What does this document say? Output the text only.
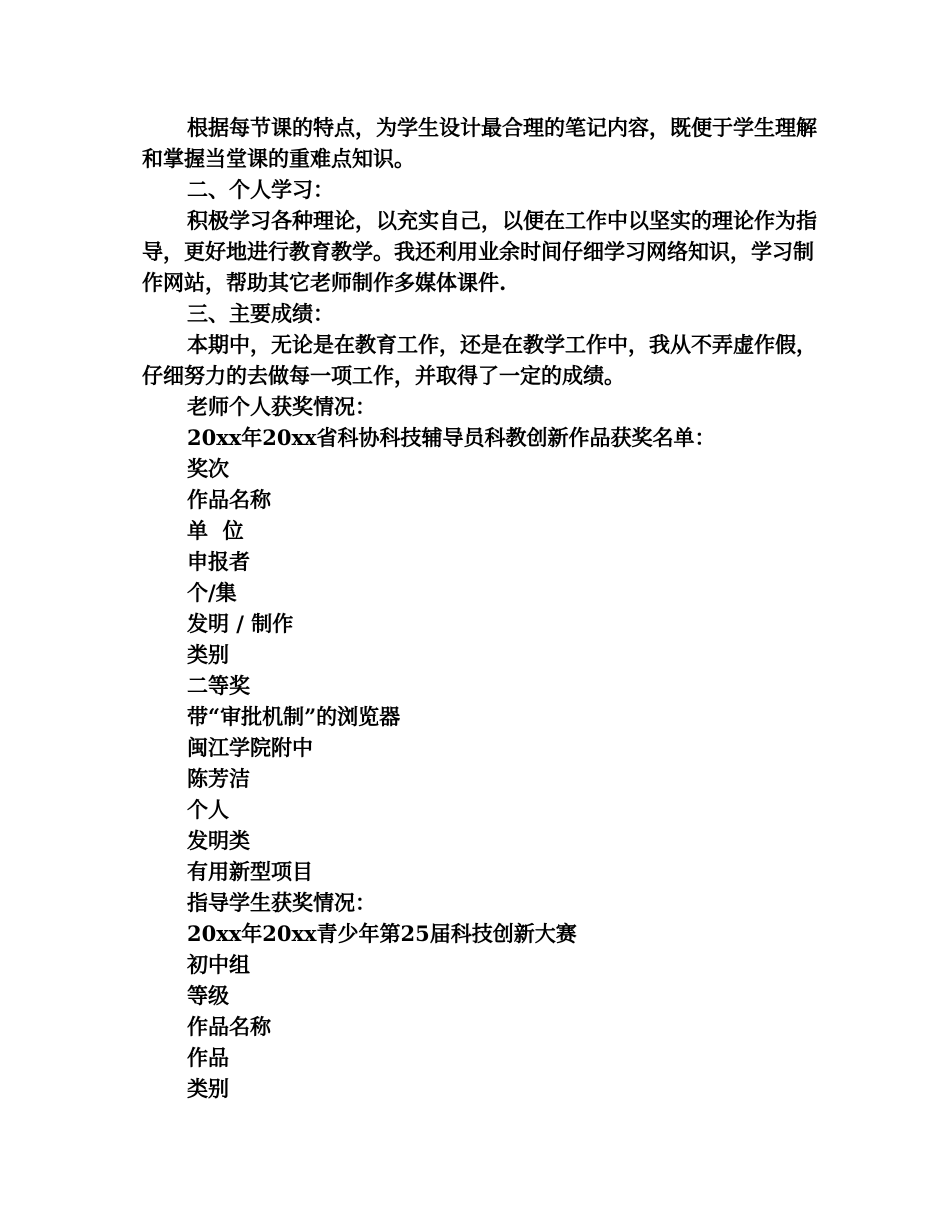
根据每节课的特点，为学生设计最合理的笔记内容，既便于学生理解和掌握当堂课的重难点知识。

二、个人学习：

积极学习各种理论，以充实自己，以便在工作中以坚实的理论作为指导，更好地进行教育教学。我还利用业余时间仔细学习网络知识，学习制作网站，帮助其它老师制作多媒体课件.

三、主要成绩：

本期中，无论是在教育工作，还是在教学工作中，我从不弄虚作假，仔细努力的去做每一项工作，并取得了一定的成绩。

老师个人获奖情况：

20xx年20xx省科协科技辅导员科教创新作品获奖名单：

奖次

作品名称

单  位

申报者

个/集

发明 / 制作

类别

二等奖

带“审批机制”的浏览器

闽江学院附中

陈芳洁

个人

发明类

有用新型项目

指导学生获奖情况：

20xx年20xx青少年第25届科技创新大赛

初中组

等级

作品名称

作品

类别
